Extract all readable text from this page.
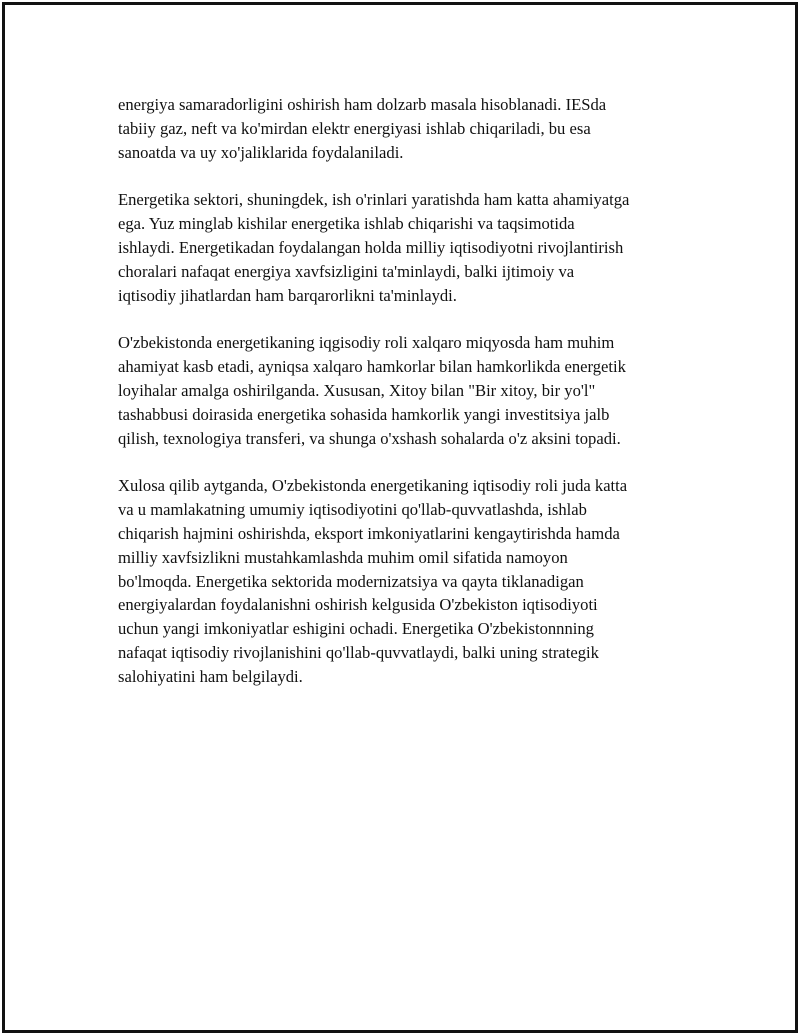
energiya samaradorligini oshirish ham dolzarb masala hisoblanadi. IESda
tabiiy gaz, neft va ko'mirdan elektr energiyasi ishlab chiqariladi, bu esa
sanoatda va uy xo'jaliklarida foydalaniladi.

Energetika sektori, shuningdek, ish o'rinlari yaratishda ham katta ahamiyatga
ega. Yuz minglab kishilar energetika ishlab chiqarishi va taqsimotida
ishlaydi. Energetikadan foydalangan holda milliy iqtisodiyotni rivojlantirish
choralari nafaqat energiya xavfsizligini ta'minlaydi, balki ijtimoiy va
iqtisodiy jihatlardan ham barqarorlikni ta'minlaydi.

O'zbekistonda energetikaning iqgisodiy roli xalqaro miqyosda ham muhim
ahamiyat kasb etadi, ayniqsa xalqaro hamkorlar bilan hamkorlikda energetik
loyihalar amalga oshirilganda. Xususan, Xitoy bilan "Bir xitoy, bir yo'l"
tashabbusi doirasida energetika sohasida hamkorlik yangi investitsiya jalb
qilish, texnologiya transferi, va shunga o'xshash sohalarda o'z aksini topadi.

Xulosa qilib aytganda, O'zbekistonda energetikaning iqtisodiy roli juda katta
va u mamlakatning umumiy iqtisodiyotini qo'llab-quvvatlashda, ishlab
chiqarish hajmini oshirishda, eksport imkoniyatlarini kengaytirishda hamda
milliy xavfsizlikni mustahkamlashda muhim omil sifatida namoyon
bo'lmoqda. Energetika sektorida modernizatsiya va qayta tiklanadigan
energiyalardan foydalanishni oshirish kelgusida O'zbekiston iqtisodiyoti
uchun yangi imkoniyatlar eshigini ochadi. Energetika O'zbekistonnning
nafaqat iqtisodiy rivojlanishini qo'llab-quvvatlaydi, balki uning strategik
salohiyatini ham belgilaydi.
